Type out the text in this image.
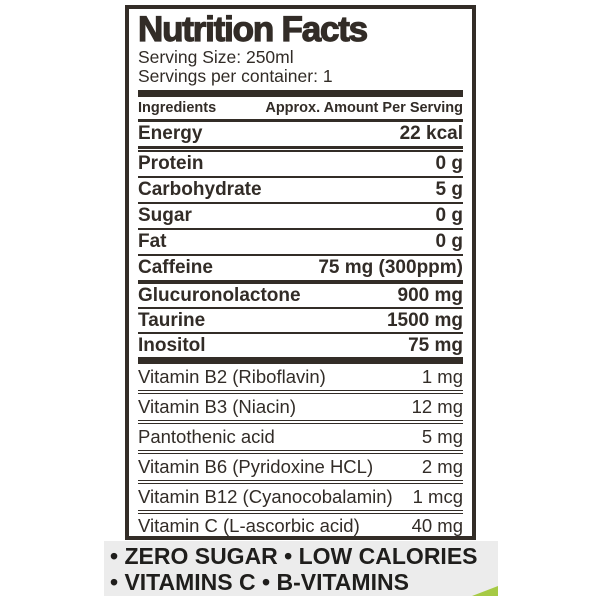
Nutrition Facts
Serving Size: 250ml
Servings per container: 1
Ingredients	Approx. Amount Per Serving
Energy	22 kcal
Protein	0 g
Carbohydrate	5 g
Sugar	0 g
Fat	0 g
Caffeine	75 mg (300ppm)
Glucuronolactone	900 mg
Taurine	1500 mg
Inositol	75 mg
Vitamin B2 (Riboflavin)	1 mg
Vitamin B3 (Niacin)	12 mg
Pantothenic acid	5 mg
Vitamin B6 (Pyridoxine HCL)	2 mg
Vitamin B12 (Cyanocobalamin) 1 mcg
Vitamin C (L-ascorbic acid)	40 mg
• ZERO SUGAR • LOW CALORIES
• VITAMINS C • B-VITAMINS
